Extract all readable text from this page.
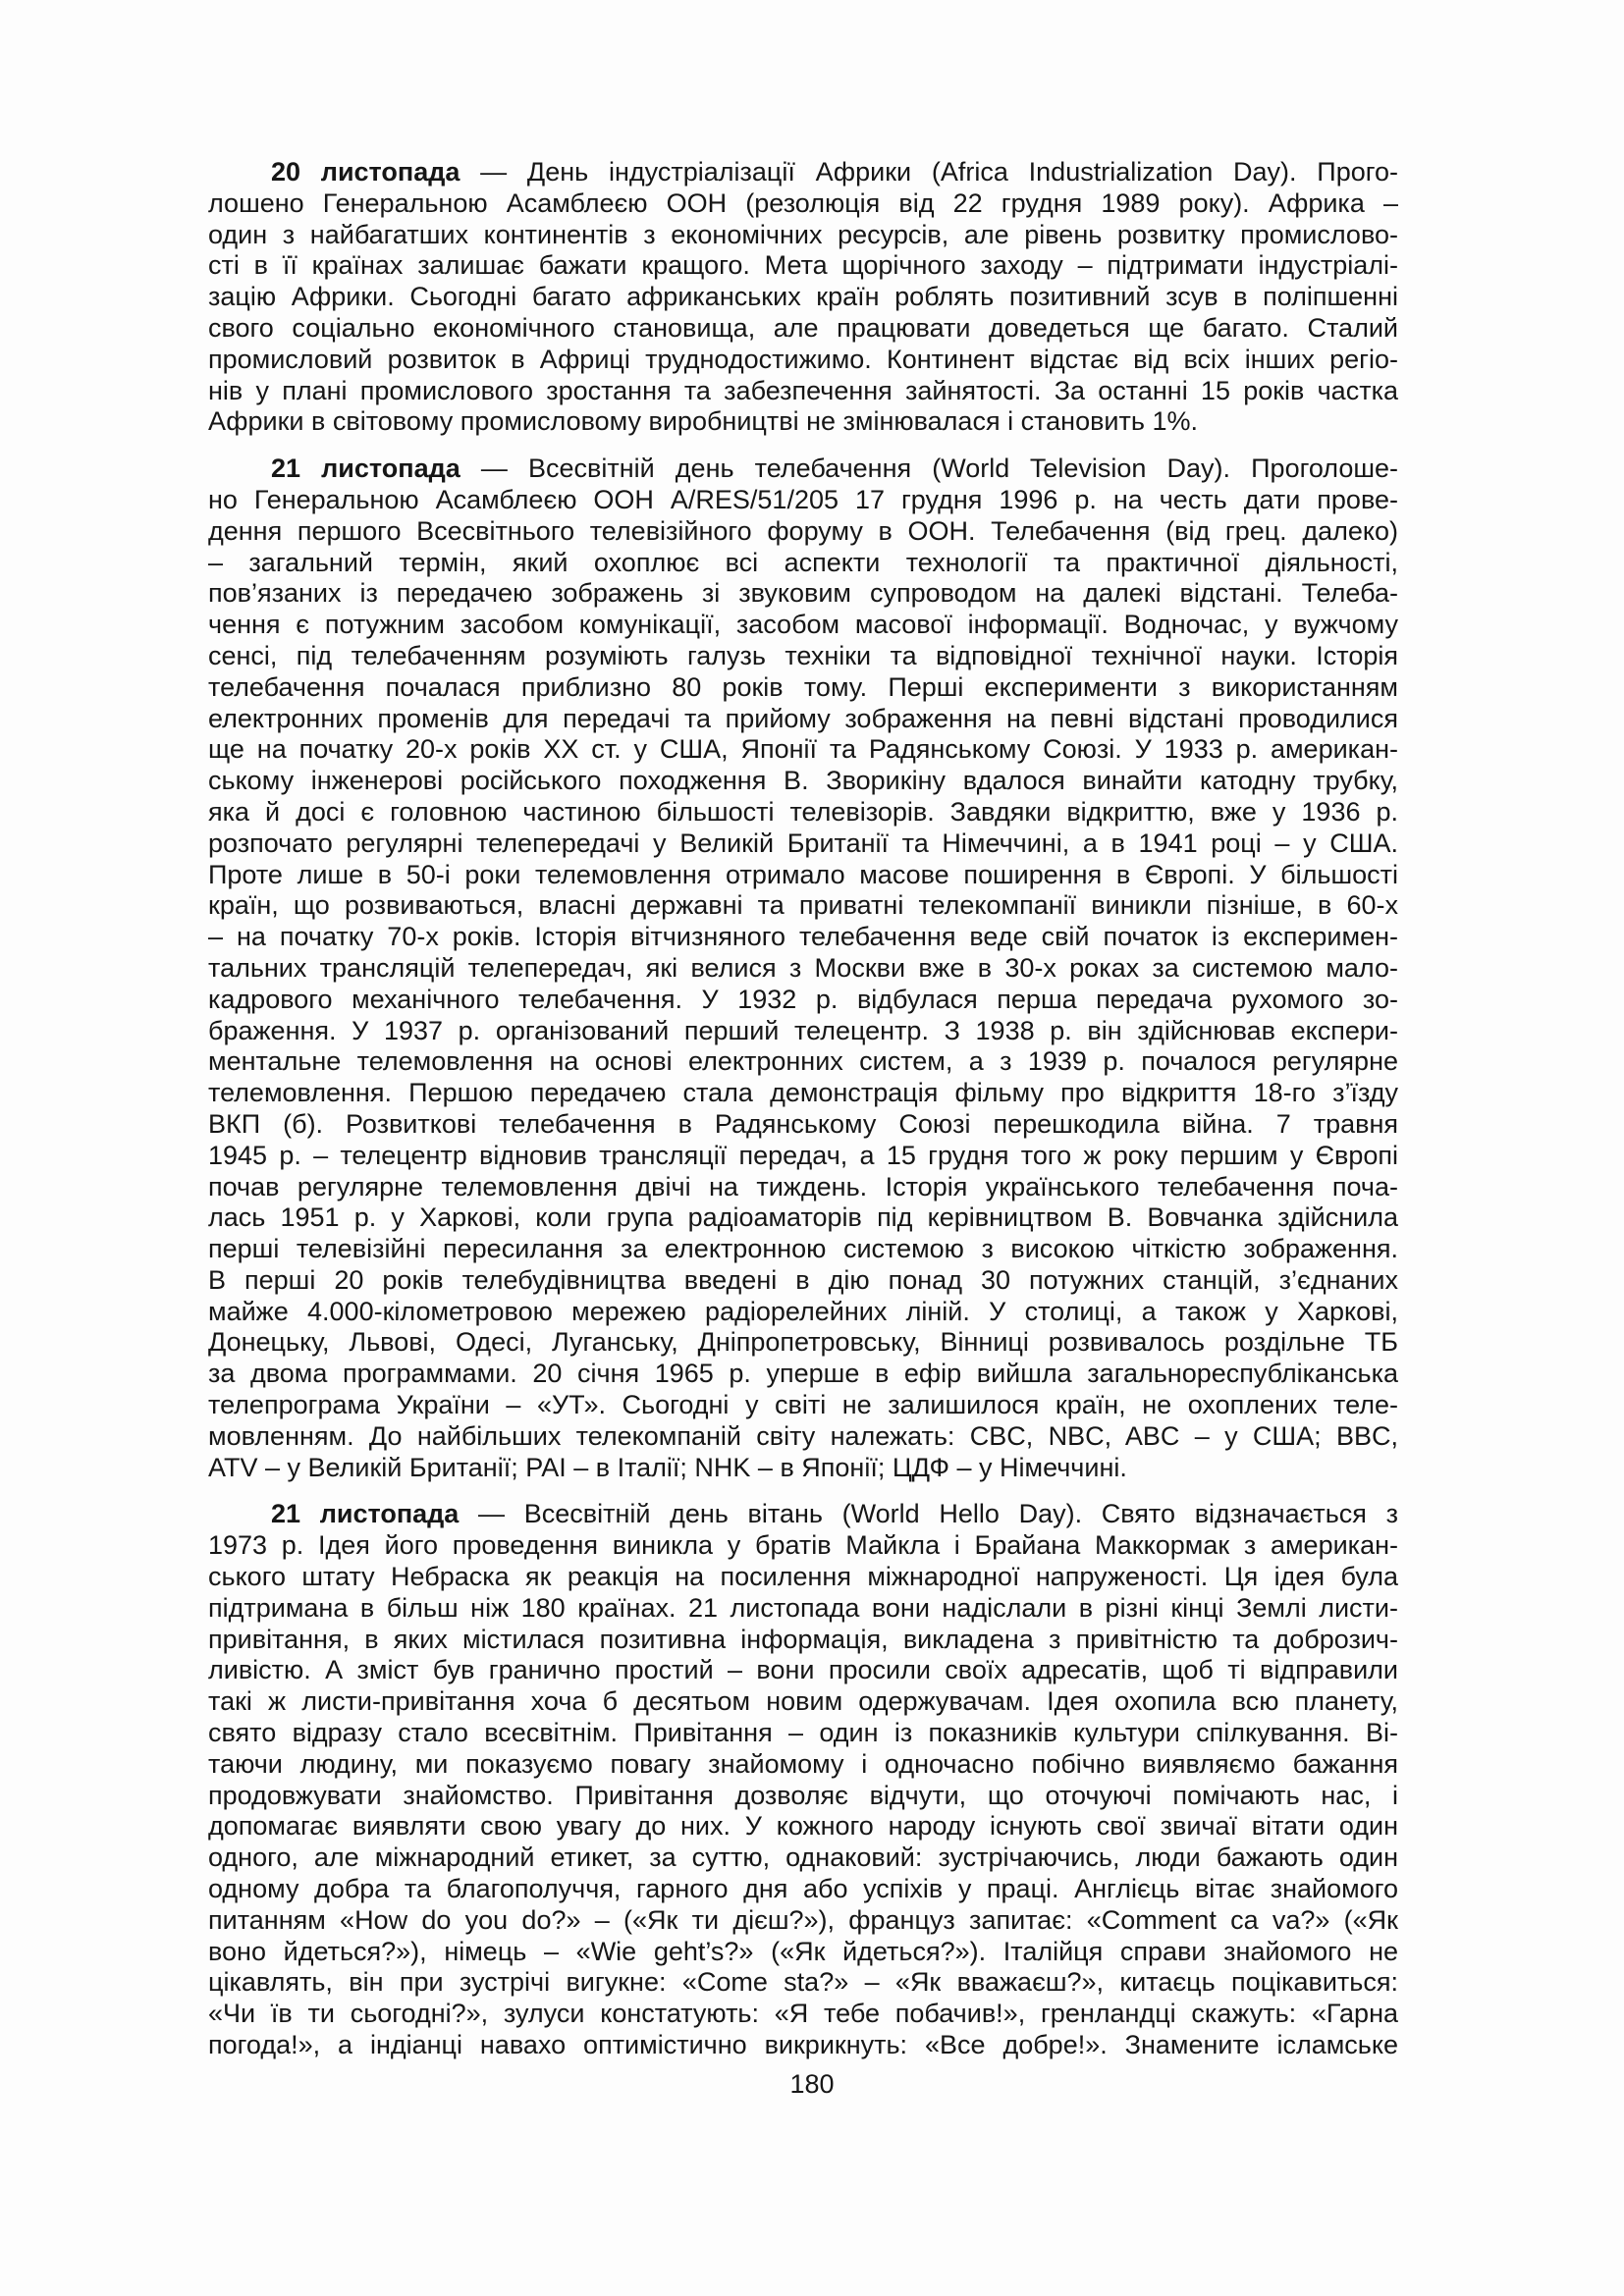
20 листопада — День індустріалізації Африки (Africa Industrialization Day). Прого-
лошено Генеральною Асамблеєю ООН (резолюція від 22 грудня 1989 року). Африка –
один з найбагатших континентів з економічних ресурсів, але рівень розвитку промислово-
сті в її країнах залишає бажати кращого. Мета щорічного заходу – підтримати індустріалі-
зацію Африки. Сьогодні багато африканських країн роблять позитивний зсув в поліпшенні
свого соціально економічного становища, але працювати доведеться ще багато. Сталий
промисловий розвиток в Африці труднодостижимо. Континент відстає від всіх інших регіо-
нів у плані промислового зростання та забезпечення зайнятості. За останні 15 років частка
Африки в світовому промисловому виробництві не змінювалася і становить 1%.
21 листопада — Всесвітній день телебачення (World Television Day). Проголоше-
но Генеральною Асамблеєю ООН A/RES/51/205 17 грудня 1996 р. на честь дати прове-
дення першого Всесвітнього телевізійного форуму в ООН. Телебачення (від грец. далеко)
– загальний термін, який охоплює всі аспекти технології та практичної діяльності,
пов’язаних із передачею зображень зі звуковим супроводом на далекі відстані. Телеба-
чення є потужним засобом комунікації, засобом масової інформації. Водночас, у вужчому
сенсі, під телебаченням розуміють галузь техніки та відповідної технічної науки. Історія
телебачення почалася приблизно 80 років тому. Перші експерименти з використанням
електронних променів для передачі та прийому зображення на певні відстані проводилися
ще на початку 20-х років XX ст. у США, Японії та Радянському Союзі. У 1933 р. американ-
ському інженерові російського походження В. Зворикіну вдалося винайти катодну трубку,
яка й досі є головною частиною більшості телевізорів. Завдяки відкриттю, вже у 1936 р.
розпочато регулярні телепередачі у Великій Британії та Німеччині, а в 1941 році – у США.
Проте лише в 50-і роки телемовлення отримало масове поширення в Європі. У більшості
країн, що розвиваються, власні державні та приватні телекомпанії виникли пізніше, в 60-х
– на початку 70-х років. Історія вітчизняного телебачення веде свій початок із експеримен-
тальних трансляцій телепередач, які велися з Москви вже в 30-х роках за системою мало-
кадрового механічного телебачення. У 1932 р. відбулася перша передача рухомого зо-
браження. У 1937 р. організований перший телецентр. З 1938 р. він здійснював експери-
ментальне телемовлення на основі електронних систем, а з 1939 р. почалося регулярне
телемовлення. Першою передачею стала демонстрація фільму про відкриття 18-го з’їзду
ВКП (б). Розвиткові телебачення в Радянському Союзі перешкодила війна. 7 травня
1945 р. – телецентр відновив трансляції передач, а 15 грудня того ж року першим у Європі
почав регулярне телемовлення двічі на тиждень. Історія українського телебачення поча-
лась 1951 р. у Харкові, коли група радіоаматорів під керівництвом В. Вовчанка здійснила
перші телевізійні пересилання за електронною системою з високою чіткістю зображення.
В перші 20 років телебудівництва введені в дію понад 30 потужних станцій, з’єднаних
майже 4.000-кілометровою мережею радіорелейних ліній. У столиці, а також у Харкові,
Донецьку, Львові, Одесі, Луганську, Дніпропетровську, Вінниці розвивалось роздільне ТБ
за двома программами. 20 січня 1965 р. уперше в ефір вийшла загальнореспубліканська
телепрограма України – «УТ». Сьогодні у світі не залишилося країн, не охоплених теле-
мовленням. До найбільших телекомпаній світу належать: CBC, NBC, ABC – у США; BBC,
ATV – у Великій Британії; PAI – в Італії; NHK – в Японії; ЦДФ – у Німеччині.
21 листопада — Всесвітній день вітань (World Hello Day). Свято відзначається з
1973 р. Ідея його проведення виникла у братів Майкла і Брайана Маккормак з американ-
ського штату Небраска як реакція на посилення міжнародної напруженості. Ця ідея була
підтримана в більш ніж 180 країнах. 21 листопада вони надіслали в різні кінці Землі листи-
привітання, в яких містилася позитивна інформація, викладена з привітністю та доброзич-
ливістю. А зміст був гранично простий – вони просили своїх адресатів, щоб ті відправили
такі ж листи-привітання хоча б десятьом новим одержувачам. Ідея охопила всю планету,
свято відразу стало всесвітнім. Привітання – один із показників культури спілкування. Ві-
таючи людину, ми показуємо повагу знайомому і одночасно побічно виявляємо бажання
продовжувати знайомство. Привітання дозволяє відчути, що оточуючі помічають нас, і
допомагає виявляти свою увагу до них. У кожного народу існують свої звичаї вітати один
одного, але міжнародний етикет, за суттю, однаковий: зустрічаючись, люди бажають один
одному добра та благополуччя, гарного дня або успіхів у праці. Англієць вітає знайомого
питанням «How do you do?» – («Як ти дієш?»), француз запитає: «Comment ca va?» («Як
воно йдеться?»), німець – «Wie geht’s?» («Як йдеться?»). Італійця справи знайомого не
цікавлять, він при зустрічі вигукне: «Come sta?» – «Як вважаєш?», китаєць поцікавиться:
«Чи їв ти сьогодні?», зулуси констатують: «Я тебе побачив!», гренландці скажуть: «Гарна
погода!», а індіанці навахо оптимістично викрикнуть: «Все добре!». Знамените ісламське
180
